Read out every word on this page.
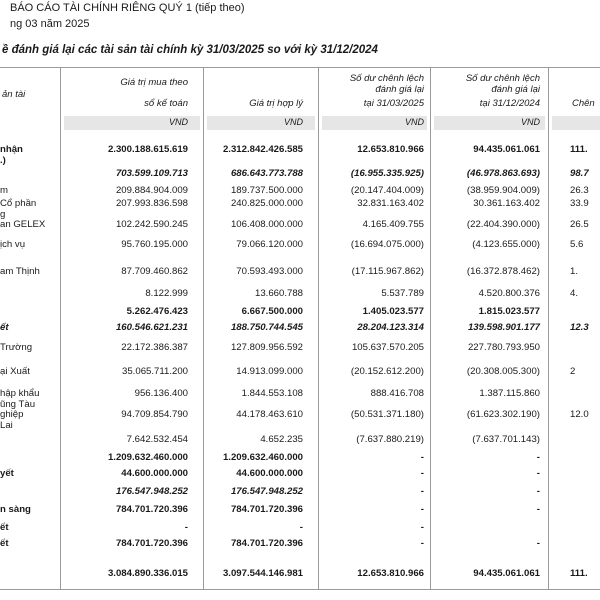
BÁO CÁO TÀI CHÍNH RIÊNG QUÝ 1 (tiếp theo)
ng 03 năm 2025
ề đánh giá lại các tài sản tài chính kỳ 31/03/2025 so với kỳ 31/12/2024
ản tài
Giá trị mua theo
sổ kế toán	Giá trị hợp lý
Số dư chênh lệch
đánh giá lại
tại 31/03/2025
Số dư chênh lệch
đánh giá lại
tại 31/12/2024	Chên
VND	VND	VND	VND
nhận
.)
2.300.188.615.619	2.312.842.426.585	12.653.810.966	94.435.061.061	111.
703.599.109.713	686.643.773.788	(16.955.335.925)	(46.978.863.693)	98.7
m	209.884.904.009	189.737.500.000	(20.147.404.009)	(38.959.904.009)	26.3
Cổ phần
g
207.993.836.598	240.825.000.000	32.831.163.402	30.361.163.402	33.9
an GELEX	102.242.590.245	106.408.000.000	4.165.409.755	(22.404.390.000)	26.5
ịch vụ	95.760.195.000	79.066.120.000	(16.694.075.000)	(4.123.655.000)	5.6
am Thịnh	87.709.460.862	70.593.493.000	(17.115.967.862)	(16.372.878.462)	1.
8.122.999	13.660.788	5.537.789	4.520.800.376	4.
5.262.476.423	6.667.500.000	1.405.023.577	1.815.023.577
ết	160.546.621.231	188.750.744.545	28.204.123.314	139.598.901.177	12.3
Trường	22.172.386.387	127.809.956.592	105.637.570.205	227.780.793.950
ại Xuất	35.065.711.200	14.913.099.000	(20.152.612.200)	(20.308.005.300)	2
hập khẩu
ũng Tàu
956.136.400	1.844.553.108	888.416.708	1.387.115.860
ghiệp
Lai
94.709.854.790	44.178.463.610	(50.531.371.180)	(61.623.302.190)	12.0
7.642.532.454	4.652.235	(7.637.880.219)	(7.637.701.143)
1.209.632.460.000	1.209.632.460.000	-	-
yết	44.600.000.000	44.600.000.000	-	-
176.547.948.252	176.547.948.252	-	-
n sàng	784.701.720.396	784.701.720.396	-	-
ết	-	-	-
ết	784.701.720.396	784.701.720.396	-	-
3.084.890.336.015	3.097.544.146.981	12.653.810.966	94.435.061.061	111.
